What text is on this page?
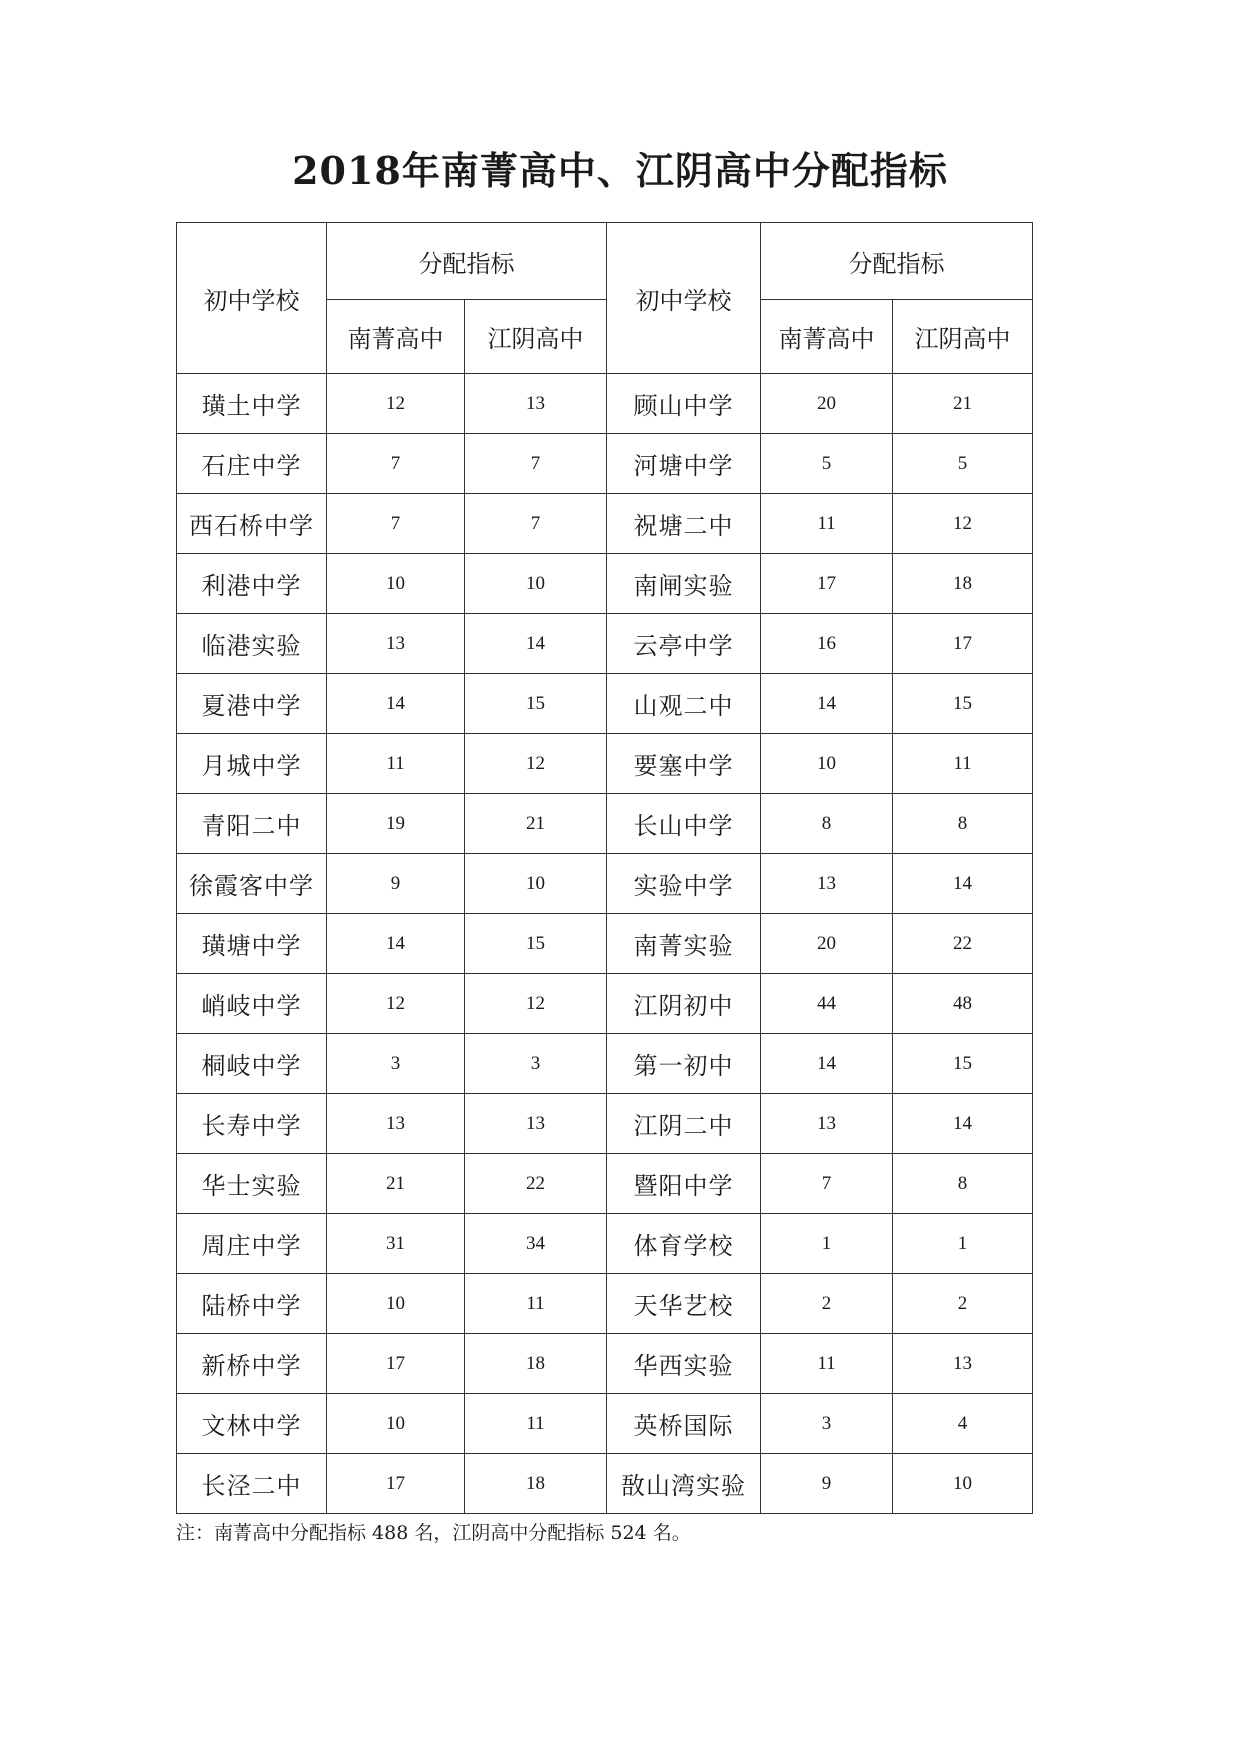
2018年南菁高中、江阴高中分配指标
初中学校	分配指标		初中学校	分配指标	
	南菁高中	江阴高中		南菁高中	江阴高中
璜土中学	12	13	顾山中学	20	21
石庄中学	7	7	河塘中学	5	5
西石桥中学	7	7	祝塘二中	11	12
利港中学	10	10	南闸实验	17	18
临港实验	13	14	云亭中学	16	17
夏港中学	14	15	山观二中	14	15
月城中学	11	12	要塞中学	10	11
青阳二中	19	21	长山中学	8	8
徐霞客中学	9	10	实验中学	13	14
璜塘中学	14	15	南菁实验	20	22
峭岐中学	12	12	江阴初中	44	48
桐岐中学	3	3	第一初中	14	15
长寿中学	13	13	江阴二中	13	14
华士实验	21	22	暨阳中学	7	8
周庄中学	31	34	体育学校	1	1
陆桥中学	10	11	天华艺校	2	2
新桥中学	17	18	华西实验	11	13
文林中学	10	11	英桥国际	3	4
长泾二中	17	18	敔山湾实验	9	10

注：南菁高中分配指标 488 名，江阴高中分配指标 524 名。
